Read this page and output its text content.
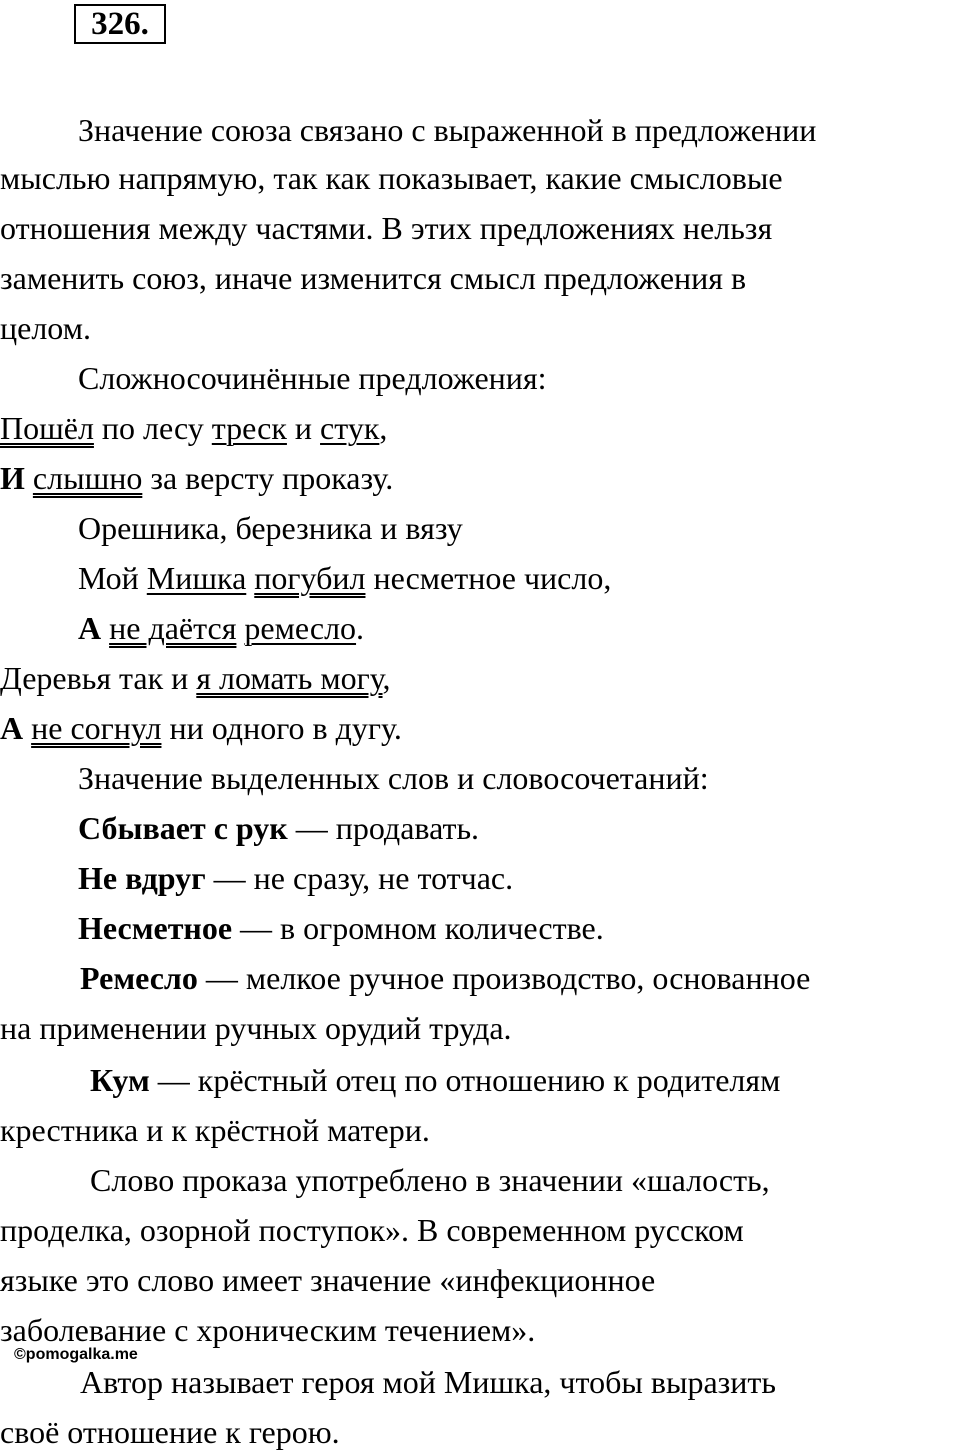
326.
Значение союза связано с выраженной в предложении
мыслью напрямую, так как показывает, какие смысловые
отношения между частями. В этих предложениях нельзя
заменить союз, иначе изменится смысл предложения в
целом.
Сложносочинённые предложения:
Пошёл по лесу треск и стук,
И слышно за версту проказу.
Орешника, березника и вязу
Мой Мишка погубил несметное число,
А не даётся ремесло.
Деревья так и я ломать могу,
А не согнул ни одного в дугу.
Значение выделенных слов и словосочетаний:
Сбывает с рук — продавать.
Не вдруг — не сразу, не тотчас.
Несметное — в огромном количестве.
Ремесло — мелкое ручное производство, основанное
на применении ручных орудий труда.
Кум — крёстный отец по отношению к родителям
крестника и к крёстной матери.
Слово проказа употреблено в значении «шалость,
проделка, озорной поступок». В современном русском
языке это слово имеет значение «инфекционное
заболевание с хроническим течением».
©pomogalka.me
Автор называет героя мой Мишка, чтобы выразить
своё отношение к герою.
